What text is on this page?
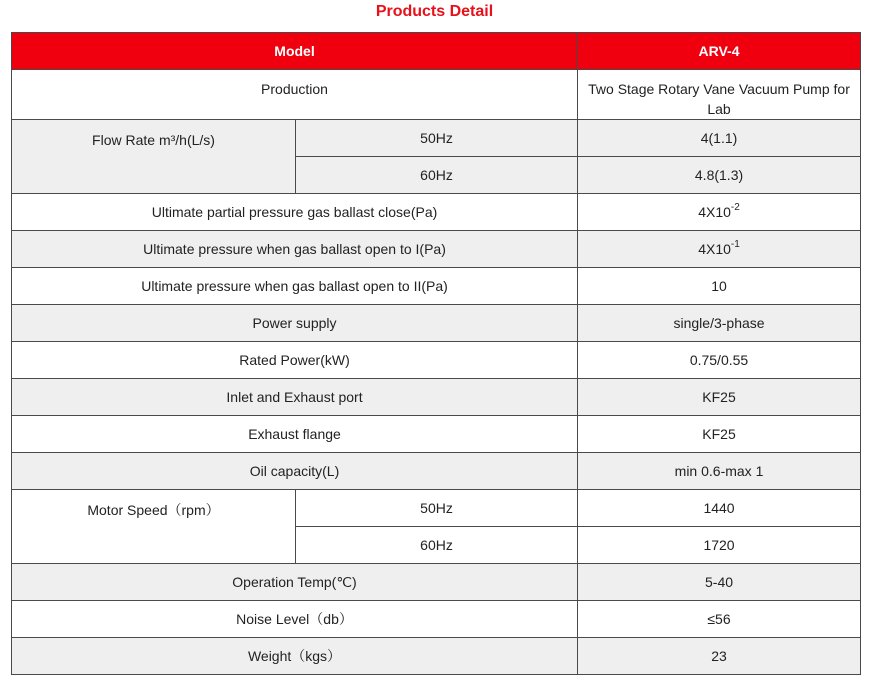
Products Detail
Model		ARV-4
Production		Two Stage Rotary Vane Vacuum Pump for Lab
Flow Rate m³/h(L/s)	50Hz	4(1.1)
	60Hz	4.8(1.3)
Ultimate partial pressure gas ballast close(Pa)		$4X10^{-2}$
Ultimate pressure when gas ballast open to I(Pa)		$4X10^{-1}$
Ultimate pressure when gas ballast open to II(Pa)		10
Power supply		single/3-phase
Rated Power(kW)		0.75/0.55
Inlet and Exhaust port		KF25
Exhaust flange		KF25
Oil capacity(L)		min 0.6-max 1
Motor Speed（rpm）	50Hz	1440
	60Hz	1720
Operation Temp(℃)		5-40
Noise Level（db）		≤56
Weight（kgs）		23
